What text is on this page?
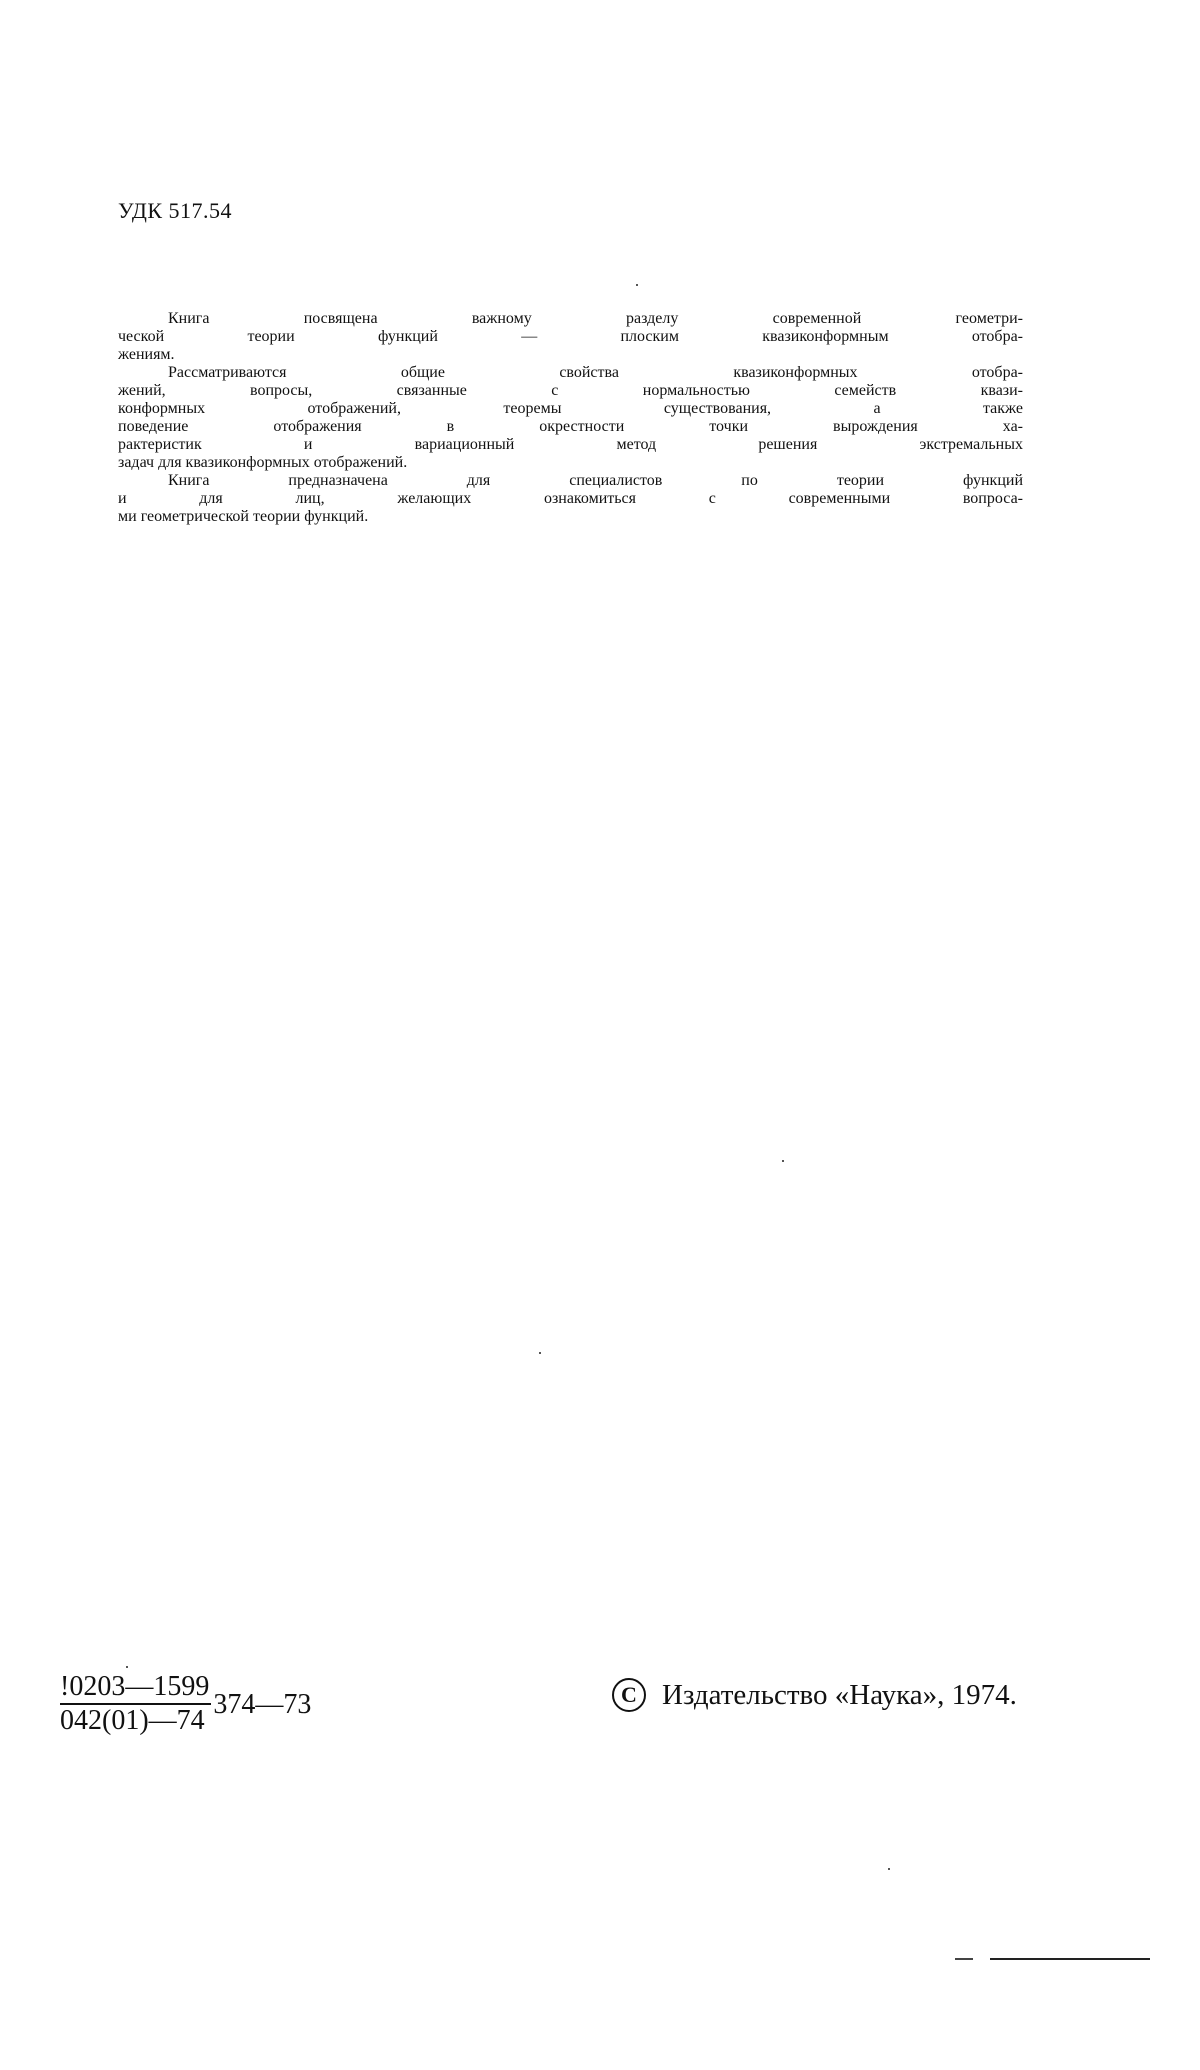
УДК 517.54
Книга посвящена важному разделу современной геометри-
ческой теории функций — плоским квазиконформным отобра-
жениям.
Рассматриваются общие свойства квазиконформных отобра-
жений, вопросы, связанные с нормальностью семейств квази-
конформных отображений, теоремы существования, а также
поведение отображения в окрестности точки вырождения ха-
рактеристик и вариационный метод решения экстремальных
задач для квазиконформных отображений.
Книга предназначена для специалистов по теории функций
и для лиц, желающих ознакомиться с современными вопроса-
ми геометрической теории функций.
$\frac{!0203—1599}{042(01)—74}$ 374—73	C Издательство «Наука», 1974.
